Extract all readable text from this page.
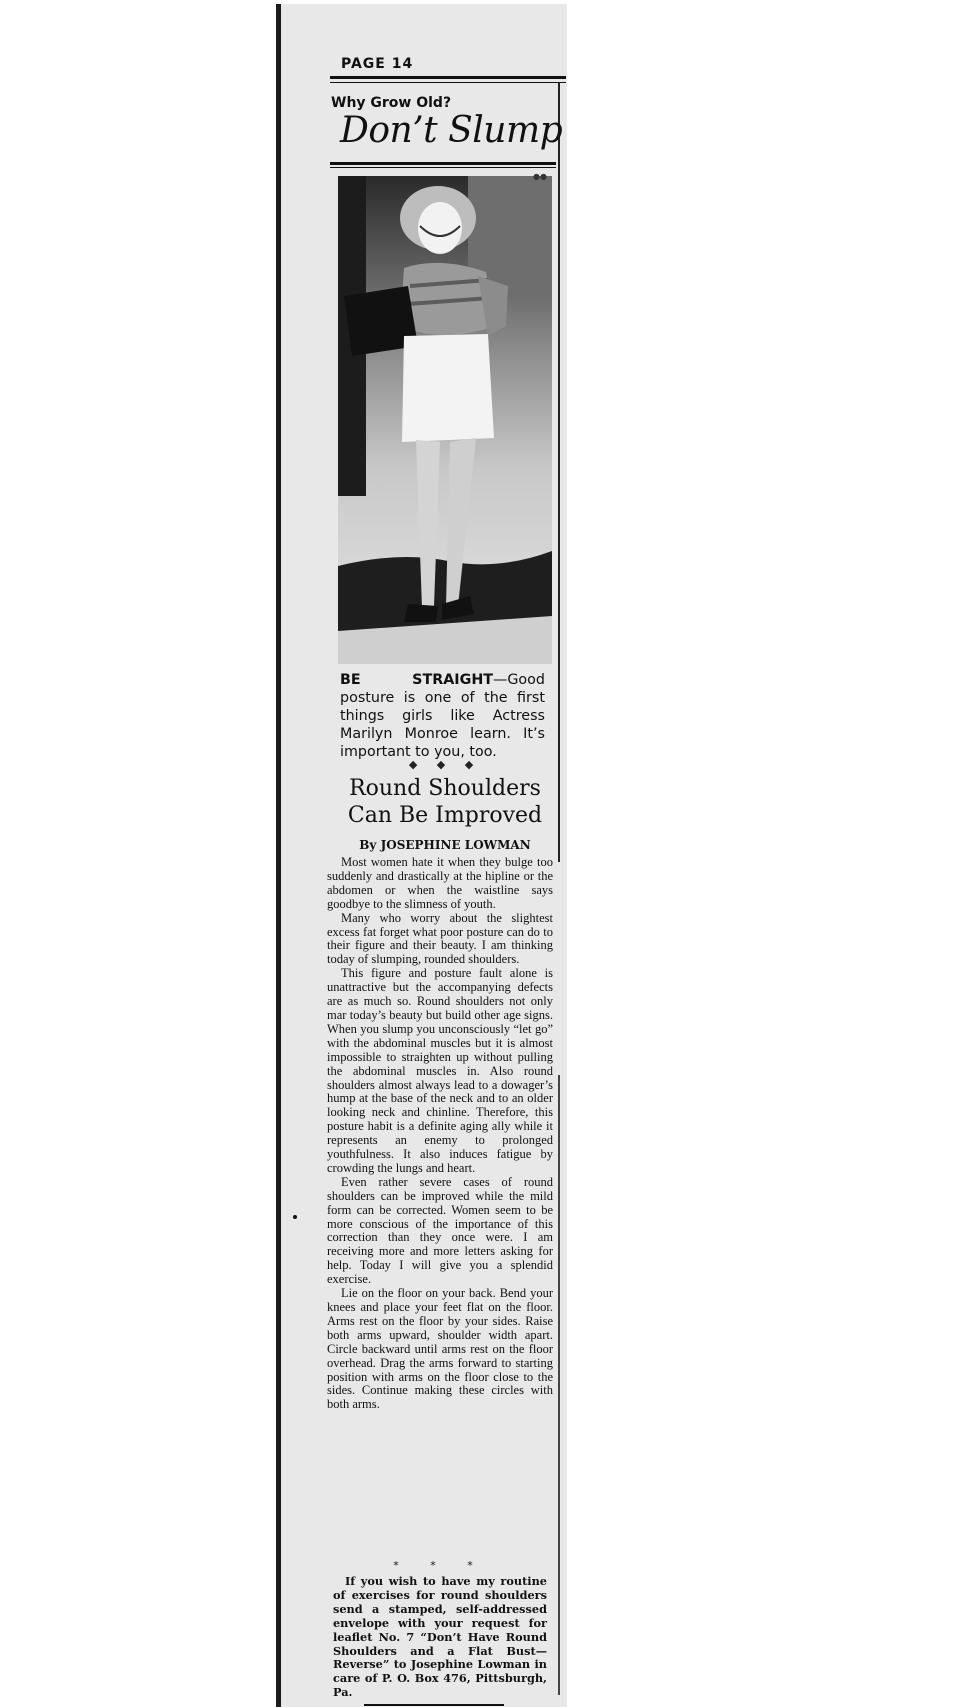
PAGE 14
Why Grow Old?
Don’t Slump
●●
BE STRAIGHT—Good posture is one of the first things girls like Actress Marilyn Monroe learn. It’s important to you, too.
◆ ◆ ◆
Round Shoulders
Can Be Improved
By JOSEPHINE LOWMAN

Most women hate it when they bulge too suddenly and drastically at the hipline or the abdomen or when the waistline says goodbye to the slimness of youth.

Many who worry about the slightest excess fat forget what poor posture can do to their figure and their beauty. I am thinking today of slumping, rounded shoulders.

This figure and posture fault alone is unattractive but the accompanying defects are as much so. Round shoulders not only mar today’s beauty but build other age signs. When you slump you unconsciously “let go” with the abdominal muscles but it is almost impossible to straighten up without pulling the abdominal muscles in. Also round shoulders almost always lead to a dowager’s hump at the base of the neck and to an older looking neck and chinline. Therefore, this posture habit is a definite aging ally while it represents an enemy to prolonged youthfulness. It also induces fatigue by crowding the lungs and heart.

Even rather severe cases of round shoulders can be improved while the mild form can be corrected. Women seem to be more conscious of the importance of this correction than they once were. I am receiving more and more letters asking for help. Today I will give you a splendid exercise.

Lie on the floor on your back. Bend your knees and place your feet flat on the floor. Arms rest on the floor by your sides. Raise both arms upward, shoulder width apart. Circle backward until arms rest on the floor overhead. Drag the arms forward to starting position with arms on the floor close to the sides. Continue making these circles with both arms.

* * *

If you wish to have my routine of exercises for round shoulders send a stamped, self-addressed envelope with your request for leaflet No. 7 “Don’t Have Round Shoulders and a Flat Bust—Reverse” to Josephine Lowman in care of P. O. Box 476, Pittsburgh, Pa.
